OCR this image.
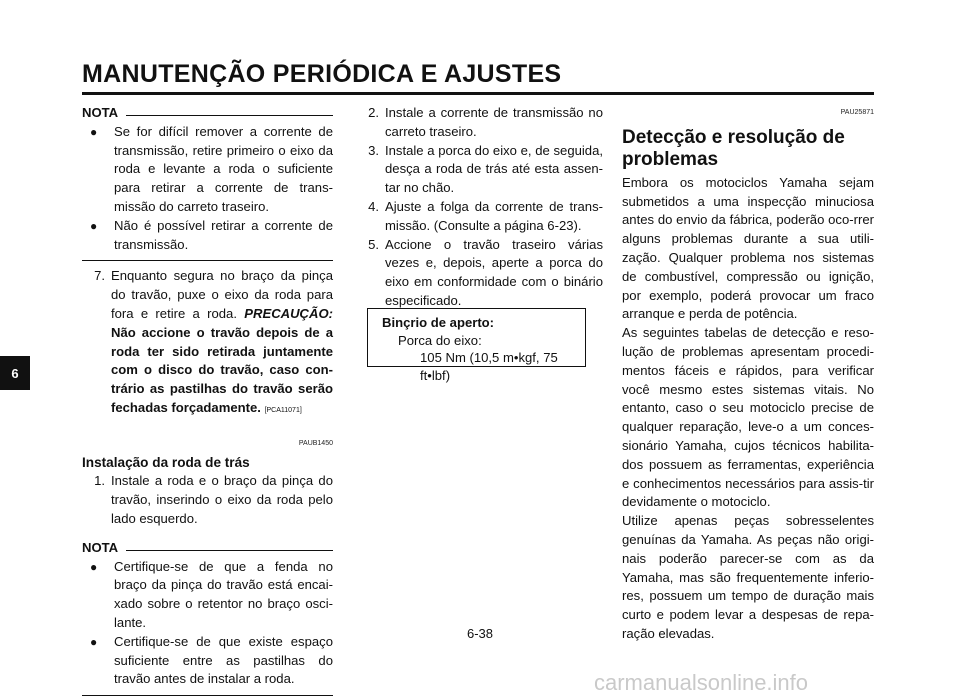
MANUTENÇÃO PERIÓDICA E AJUSTES
6
NOTA
●	Se for difícil remover a corrente de transmissão, retire primeiro o eixo da roda e levante a roda o suficiente para retirar a corrente de trans-missão do carreto traseiro.
●	Não é possível retirar a corrente de transmissão.
7. Enquanto segura no braço da pinça do travão, puxe o eixo da roda para fora e retire a roda. PRECAUÇÃO: Não accione o travão depois de a roda ter sido retirada juntamente com o disco do travão, caso con-trário as pastilhas do travão serão fechadas forçadamente. [PCA11071]
PAUB1450
Instalação da roda de trás
1. Instale a roda e o braço da pinça do travão, inserindo o eixo da roda pelo lado esquerdo.
NOTA
●	Certifique-se de que a fenda no braço da pinça do travão está encai-xado sobre o retentor no braço osci-lante.
●	Certifique-se de que existe espaço suficiente entre as pastilhas do travão antes de instalar a roda.
2. Instale a corrente de transmissão no carreto traseiro.
3. Instale a porca do eixo e, de seguida, desça a roda de trás até esta assen-tar no chão.
4. Ajuste a folga da corrente de trans-missão. (Consulte a página 6-23).
5. Accione o travão traseiro várias vezes e, depois, aperte a porca do eixo em conformidade com o binário especificado.
Binçrio de aperto:
Porca do eixo:
105 Nm (10,5 m•kgf, 75 ft•lbf)
PAU25871
Detecção e resolução de problemas

Embora os motociclos Yamaha sejam submetidos a uma inspecção minuciosa antes do envio da fábrica, poderão oco-rrer alguns problemas durante a sua utili-zação. Qualquer problema nos sistemas de combustível, compressão ou ignição, por exemplo, poderá provocar um fraco arranque e perda de potência.

As seguintes tabelas de detecção e reso-lução de problemas apresentam procedi-mentos fáceis e rápidos, para verificar você mesmo estes sistemas vitais. No entanto, caso o seu motociclo precise de qualquer reparação, leve-o a um conces-sionário Yamaha, cujos técnicos habilita-dos possuem as ferramentas, experiência e conhecimentos necessários para assis-tir devidamente o motociclo.

Utilize apenas peças sobresselentes genuínas da Yamaha. As peças não origi-nais poderão parecer-se com as da Yamaha, mas são frequentemente inferio-res, possuem um tempo de duração mais curto e podem levar a despesas de repa-ração elevadas.

6-38
carmanualsonline.info
